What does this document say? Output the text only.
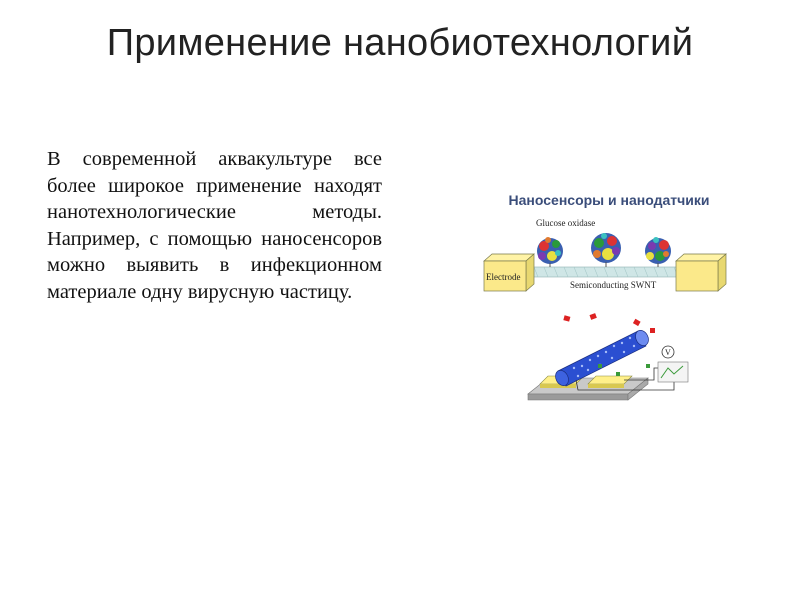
Применение нанобиотехнологий
В современной аквакультуре все более широкое применение находят нанотехнологические методы. Например, с помощью наносенсоров можно выявить в инфекционном материале одну вирусную частицу.
Наносенсоры и нанодатчики
Glucose oxidase
Electrode
Semiconducting SWNT
V
